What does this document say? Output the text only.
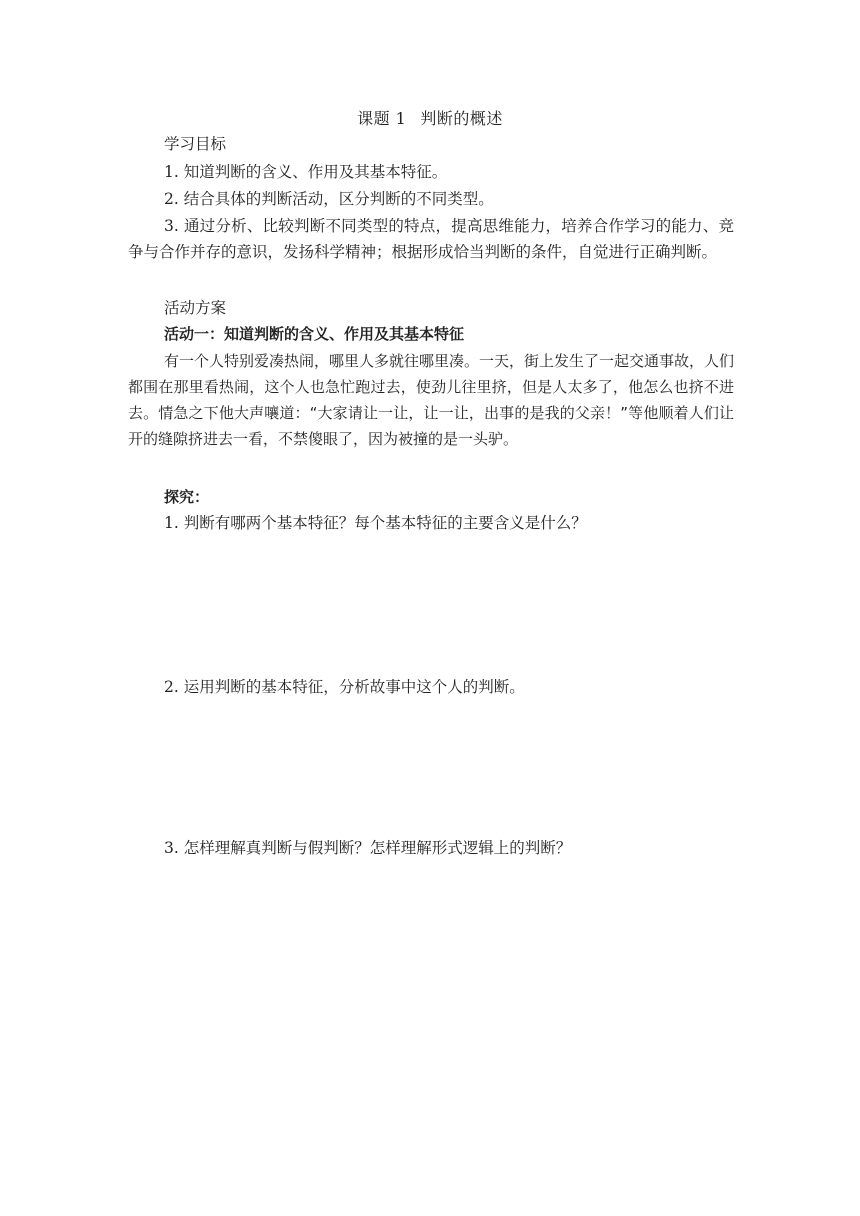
课题 1 判断的概述
学习目标
1. 知道判断的含义、作用及其基本特征。
2. 结合具体的判断活动，区分判断的不同类型。
3. 通过分析、比较判断不同类型的特点，提高思维能力，培养合作学习的能力、竞争与合作并存的意识，发扬科学精神；根据形成恰当判断的条件，自觉进行正确判断。
活动方案
活动一：知道判断的含义、作用及其基本特征
有一个人特别爱凑热闹，哪里人多就往哪里凑。一天，街上发生了一起交通事故，人们都围在那里看热闹，这个人也急忙跑过去，使劲儿往里挤，但是人太多了，他怎么也挤不进去。情急之下他大声嚷道：“大家请让一让，让一让，出事的是我的父亲！”等他顺着人们让开的缝隙挤进去一看，不禁傻眼了，因为被撞的是一头驴。
探究：
1. 判断有哪两个基本特征？每个基本特征的主要含义是什么？
2. 运用判断的基本特征，分析故事中这个人的判断。
3. 怎样理解真判断与假判断？怎样理解形式逻辑上的判断？
